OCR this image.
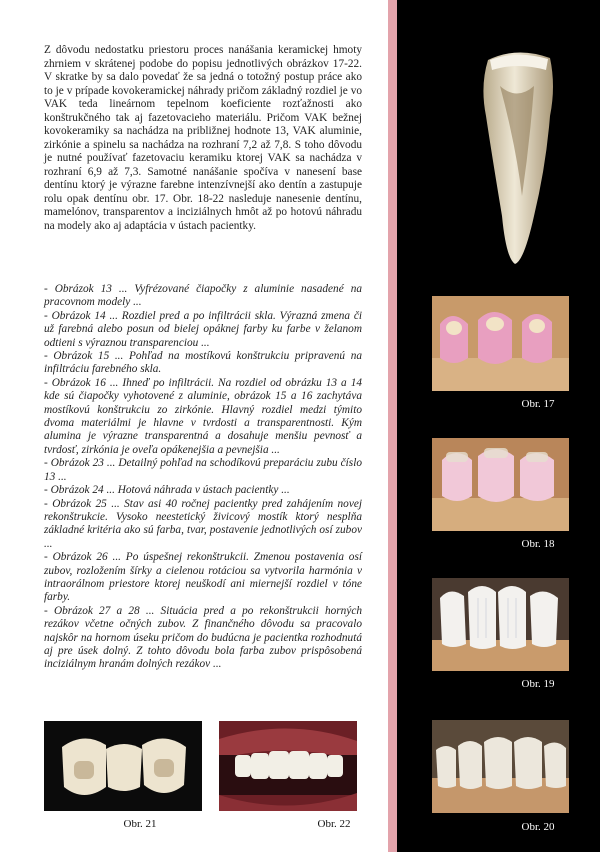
Z dôvodu nedostatku priestoru proces nanášania keramickej hmoty zhrniem v skrátenej podobe do popisu jednotlivých obrázkov 17-22. V skratke by sa dalo povedať že sa jedná o totožný postup práce ako to je v prípade kovokeramickej náhrady pričom základný rozdiel je vo VAK teda lineárnom tepelnom koeficiente rozťažnosti ako konštrukčného tak aj fazetovacieho materiálu. Pričom VAK bežnej kovokeramiky sa nachádza na približnej hodnote 13, VAK aluminie, zirkónie a spinelu sa nachádza na rozhraní 7,2 až 7,8. S toho dôvodu je nutné používať fazetovaciu keramiku ktorej VAK sa nachádza v rozhraní 6,9 až 7,3. Samotné nanášanie spočíva v nanesení base dentínu ktorý je výrazne farebne intenzívnejší ako dentín a zastupuje rolu opak dentínu obr. 17. Obr. 18-22 nasleduje nanesenie dentínu, mamelónov, transparentov a inciziálnych hmôt až po hotovú náhradu na modely ako aj adaptácia v ústach pacientky.

- Obrázok 13 ... Vyfrézované čiapočky z aluminie nasadené na pracovnom modely ...

- Obrázok 14 ... Rozdiel pred a po infiltrácii skla. Výrazná zmena či už farebná alebo posun od bielej opáknej farby ku farbe v želanom odtieni s výraznou transparenciou ...

- Obrázok 15 ... Pohľad na mostíkovú konštrukciu pripravenú na infiltráciu farebného skla.

- Obrázok 16 ... Ihneď po infiltrácii. Na rozdiel od obrázku 13 a 14 kde sú čiapočky vyhotovené z aluminie, obrázok 15 a 16 zachytáva mostíkovú konštrukciu zo zirkónie. Hlavný rozdiel medzi týmito dvoma materiálmi je hlavne v tvrdosti a transparentnosti. Kým alumina je výrazne transparentná a dosahuje menšiu pevnosť a tvrdosť, zirkónia je oveľa opákenejšia a pevnejšia ...

- Obrázok 23 ... Detailný pohľad na schodíkovú preparáciu zubu číslo 13 ...

- Obrázok 24 ... Hotová náhrada v ústach pacientky ...

- Obrázok 25 ... Stav asi 40 ročnej pacientky pred zahájením novej rekonštrukcie. Vysoko neestetický živicový mostík ktorý nesplňa základné kritéria ako sú farba, tvar, postavenie jednotlivých osí zubov ...

- Obrázok 26 ... Po úspešnej rekonštrukcii. Zmenou postavenia osí zubov, rozložením šírky a cielenou rotáciou sa vytvorila harmónia v intraorálnom priestore ktorej neuškodí ani miernejší rozdiel v tóne farby.

- Obrázok 27 a 28 ... Situácia pred a po rekonštrukcii horných rezákov včetne očných zubov. Z finančného dôvodu sa pracovalo najskôr na hornom úseku pričom do budúcna je pacientka rozhodnutá aj pre úsek dolný. Z tohto dôvodu bola farba zubov prispôsobená inciziálnym hranám dolných rezákov ...

Obr. 17
Obr. 18
Obr. 19
Obr. 20
Obr. 21	Obr. 22
